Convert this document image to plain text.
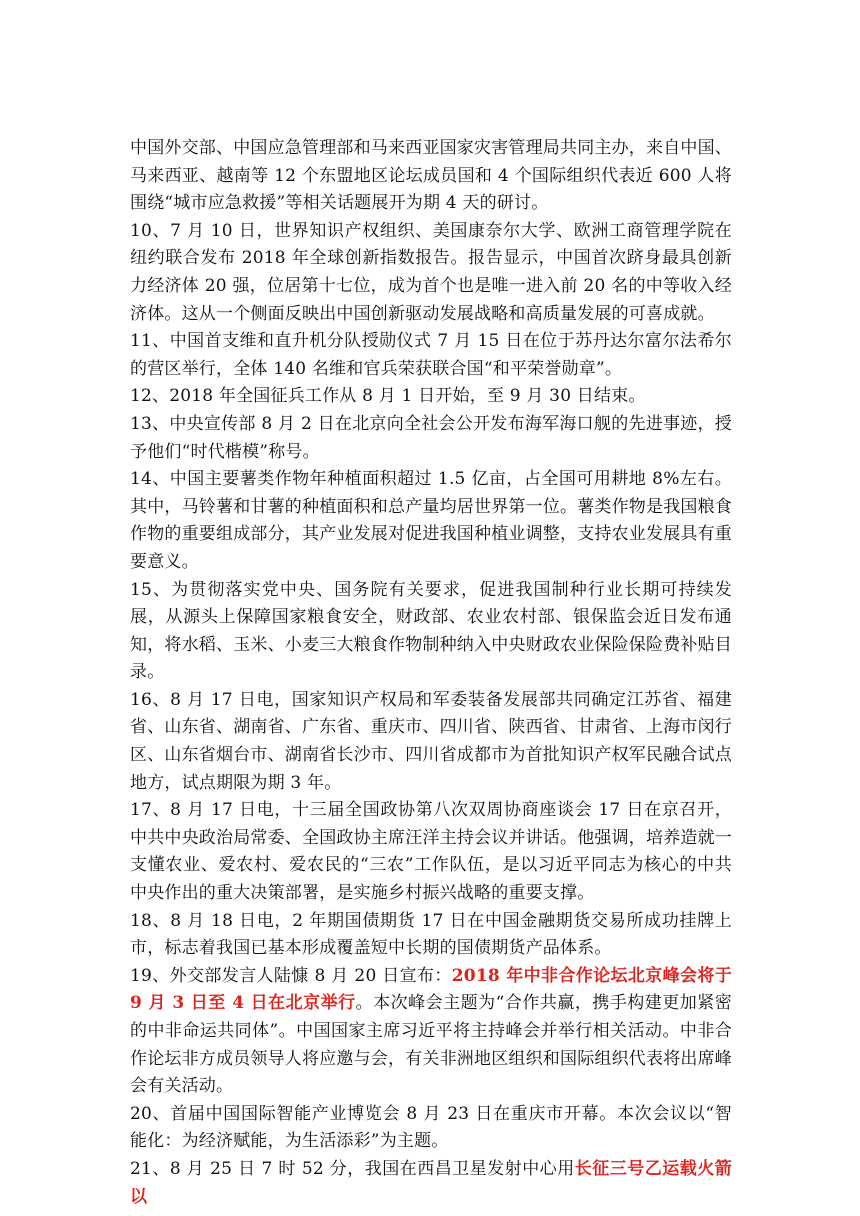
中国外交部、中国应急管理部和马来西亚国家灾害管理局共同主办，来自中国、马来西亚、越南等 12 个东盟地区论坛成员国和 4 个国际组织代表近 600 人将围绕“城市应急救援”等相关话题展开为期 4 天的研讨。

10、7 月 10 日，世界知识产权组织、美国康奈尔大学、欧洲工商管理学院在纽约联合发布 2018 年全球创新指数报告。报告显示，中国首次跻身最具创新力经济体 20 强，位居第十七位，成为首个也是唯一进入前 20 名的中等收入经济体。这从一个侧面反映出中国创新驱动发展战略和高质量发展的可喜成就。

11、中国首支维和直升机分队授勋仪式 7 月 15 日在位于苏丹达尔富尔法希尔的营区举行，全体 140 名维和官兵荣获联合国“和平荣誉勋章”。

12、2018 年全国征兵工作从 8 月 1 日开始，至 9 月 30 日结束。

13、中央宣传部 8 月 2 日在北京向全社会公开发布海军海口舰的先进事迹，授予他们“时代楷模”称号。

14、中国主要薯类作物年种植面积超过 1.5 亿亩，占全国可用耕地 8%左右。其中，马铃薯和甘薯的种植面积和总产量均居世界第一位。薯类作物是我国粮食作物的重要组成部分，其产业发展对促进我国种植业调整，支持农业发展具有重要意义。

15、为贯彻落实党中央、国务院有关要求，促进我国制种行业长期可持续发展，从源头上保障国家粮食安全，财政部、农业农村部、银保监会近日发布通知，将水稻、玉米、小麦三大粮食作物制种纳入中央财政农业保险保险费补贴目录。

16、8 月 17 日电，国家知识产权局和军委装备发展部共同确定江苏省、福建省、山东省、湖南省、广东省、重庆市、四川省、陕西省、甘肃省、上海市闵行区、山东省烟台市、湖南省长沙市、四川省成都市为首批知识产权军民融合试点地方，试点期限为期 3 年。

17、8 月 17 日电，十三届全国政协第八次双周协商座谈会 17 日在京召开，中共中央政治局常委、全国政协主席汪洋主持会议并讲话。他强调，培养造就一支懂农业、爱农村、爱农民的“三农”工作队伍，是以习近平同志为核心的中共中央作出的重大决策部署，是实施乡村振兴战略的重要支撑。

18、8 月 18 日电，2 年期国债期货 17 日在中国金融期货交易所成功挂牌上市，标志着我国已基本形成覆盖短中长期的国债期货产品体系。

19、外交部发言人陆慷 8 月 20 日宣布：2018 年中非合作论坛北京峰会将于 9 月 3 日至 4 日在北京举行。本次峰会主题为“合作共赢，携手构建更加紧密的中非命运共同体”。中国国家主席习近平将主持峰会并举行相关活动。中非合作论坛非方成员领导人将应邀与会，有关非洲地区组织和国际组织代表将出席峰会有关活动。

20、首届中国国际智能产业博览会 8 月 23 日在重庆市开幕。本次会议以“智能化：为经济赋能，为生活添彩”为主题。

21、8 月 25 日 7 时 52 分，我国在西昌卫星发射中心用长征三号乙运载火箭以
